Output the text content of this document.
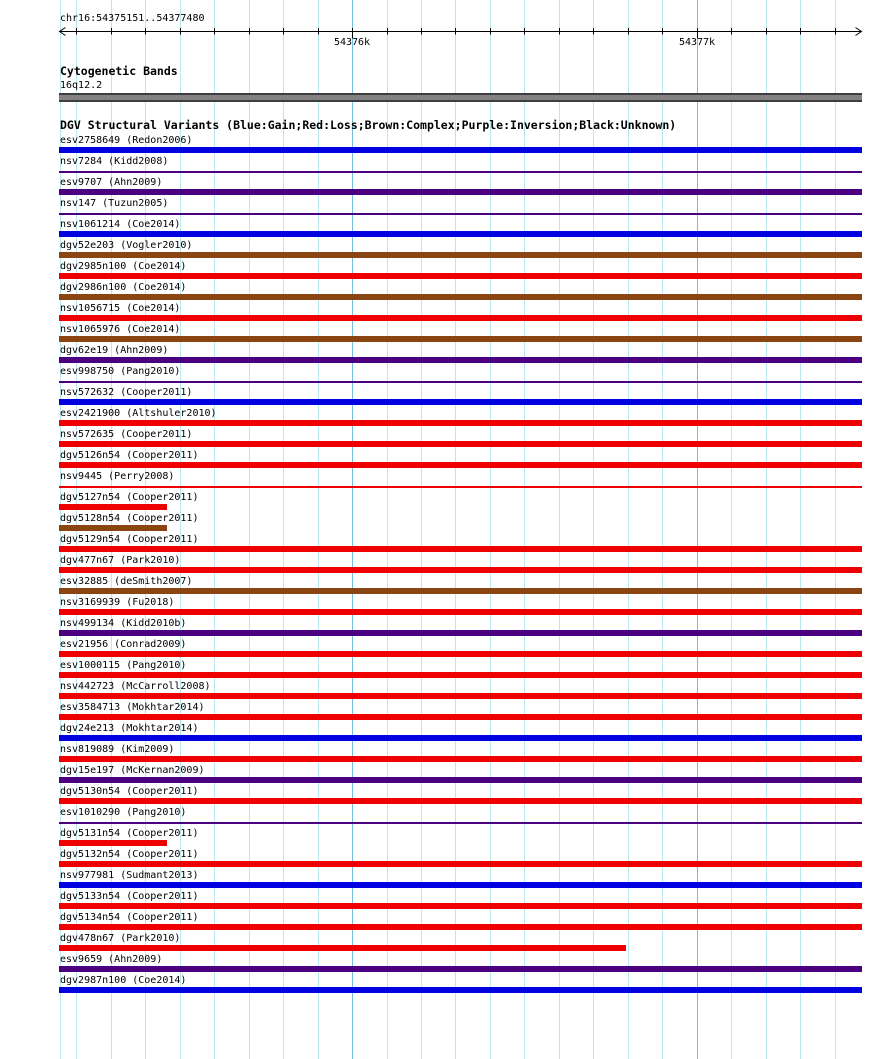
54376k	54377k
chr16:54375151..54377480
Cytogenetic Bands
16q12.2
DGV Structural Variants (Blue:Gain;Red:Loss;Brown:Complex;Purple:Inversion;Black:Unknown)
esv2758649 (Redon2006)
nsv7284 (Kidd2008)
esv9707 (Ahn2009)
nsv147 (Tuzun2005)
nsv1061214 (Coe2014)
dgv52e203 (Vogler2010)
dgv2985n100 (Coe2014)
dgv2986n100 (Coe2014)
nsv1056715 (Coe2014)
nsv1065976 (Coe2014)
dgv62e19 (Ahn2009)
esv998750 (Pang2010)
nsv572632 (Cooper2011)
esv2421900 (Altshuler2010)
nsv572635 (Cooper2011)
dgv5126n54 (Cooper2011)
nsv9445 (Perry2008)
dgv5127n54 (Cooper2011)
dgv5128n54 (Cooper2011)
dgv5129n54 (Cooper2011)
dgv477n67 (Park2010)
esv32885 (deSmith2007)
nsv3169939 (Fu2018)
nsv499134 (Kidd2010b)
esv21956 (Conrad2009)
esv1000115 (Pang2010)
nsv442723 (McCarroll2008)
esv3584713 (Mokhtar2014)
dgv24e213 (Mokhtar2014)
nsv819089 (Kim2009)
dgv15e197 (McKernan2009)
dgv5130n54 (Cooper2011)
esv1010290 (Pang2010)
dgv5131n54 (Cooper2011)
dgv5132n54 (Cooper2011)
nsv977981 (Sudmant2013)
dgv5133n54 (Cooper2011)
dgv5134n54 (Cooper2011)
dgv478n67 (Park2010)
esv9659 (Ahn2009)
dgv2987n100 (Coe2014)
